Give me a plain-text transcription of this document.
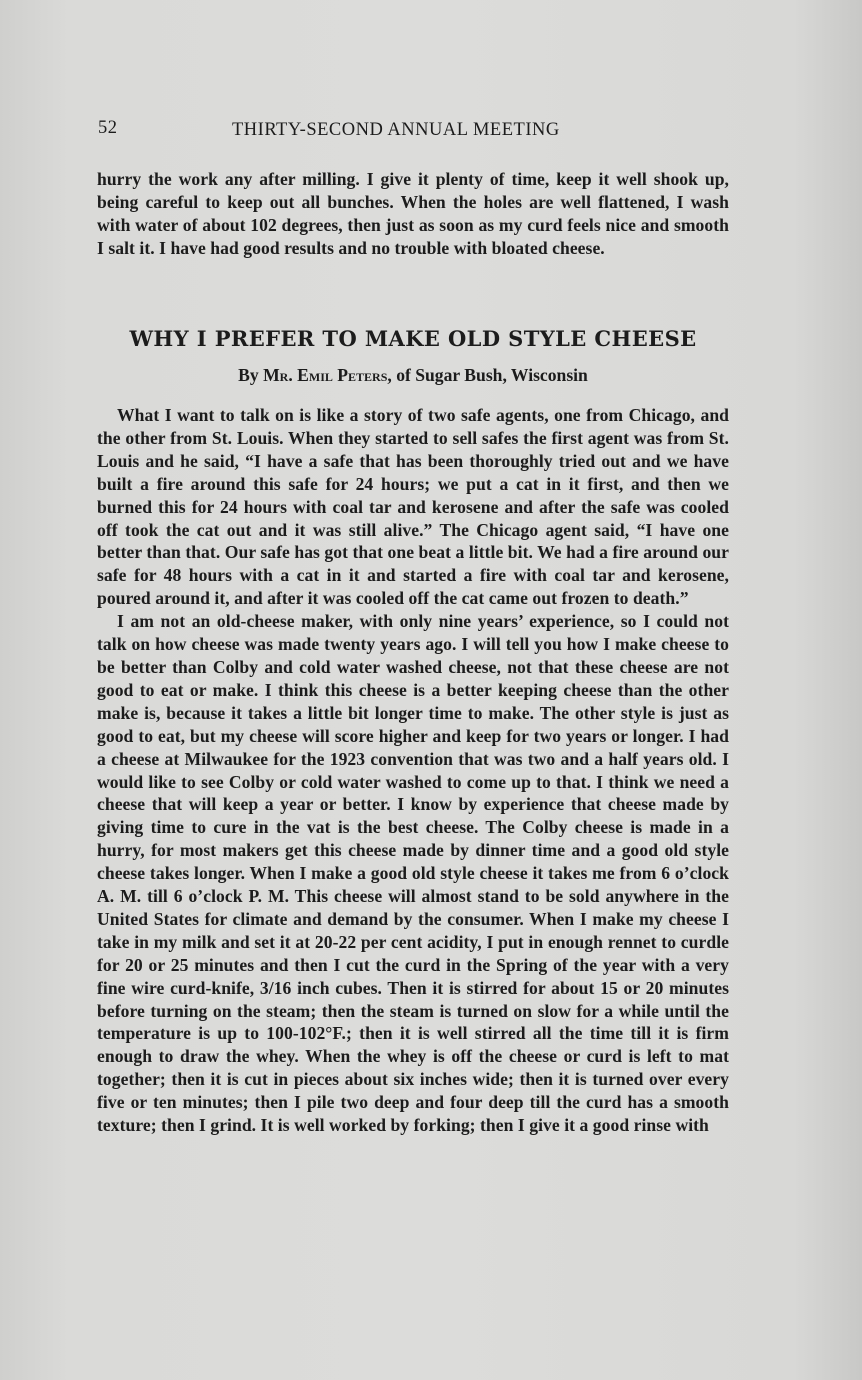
52	THIRTY-SECOND ANNUAL MEETING

hurry the work any after milling. I give it plenty of time, keep it well shook up, being careful to keep out all bunches. When the holes are well flattened, I wash with water of about 102 degrees, then just as soon as my curd feels nice and smooth I salt it. I have had good results and no trouble with bloated cheese.

WHY I PREFER TO MAKE OLD STYLE CHEESE
By Mr. Emil Peters, of Sugar Bush, Wisconsin

What I want to talk on is like a story of two safe agents, one from Chicago, and the other from St. Louis. When they started to sell safes the first agent was from St. Louis and he said, “I have a safe that has been thoroughly tried out and we have built a fire around this safe for 24 hours; we put a cat in it first, and then we burned this for 24 hours with coal tar and kerosene and after the safe was cooled off took the cat out and it was still alive.” The Chicago agent said, “I have one better than that. Our safe has got that one beat a little bit. We had a fire around our safe for 48 hours with a cat in it and started a fire with coal tar and kerosene, poured around it, and after it was cooled off the cat came out frozen to death.”

I am not an old-cheese maker, with only nine years’ experience, so I could not talk on how cheese was made twenty years ago. I will tell you how I make cheese to be better than Colby and cold water washed cheese, not that these cheese are not good to eat or make. I think this cheese is a better keeping cheese than the other make is, because it takes a little bit longer time to make. The other style is just as good to eat, but my cheese will score higher and keep for two years or longer. I had a cheese at Milwaukee for the 1923 convention that was two and a half years old. I would like to see Colby or cold water washed to come up to that. I think we need a cheese that will keep a year or better. I know by experience that cheese made by giving time to cure in the vat is the best cheese. The Colby cheese is made in a hurry, for most makers get this cheese made by dinner time and a good old style cheese takes longer. When I make a good old style cheese it takes me from 6 o’clock A. M. till 6 o’clock P. M. This cheese will almost stand to be sold anywhere in the United States for climate and demand by the consumer. When I make my cheese I take in my milk and set it at 20-22 per cent acidity, I put in enough rennet to curdle for 20 or 25 minutes and then I cut the curd in the Spring of the year with a very fine wire curd-knife, 3/16 inch cubes. Then it is stirred for about 15 or 20 minutes before turning on the steam; then the steam is turned on slow for a while until the temperature is up to 100-102°F.; then it is well stirred all the time till it is firm enough to draw the whey. When the whey is off the cheese or curd is left to mat together; then it is cut in pieces about six inches wide; then it is turned over every five or ten minutes; then I pile two deep and four deep till the curd has a smooth texture; then I grind. It is well worked by forking; then I give it a good rinse with
